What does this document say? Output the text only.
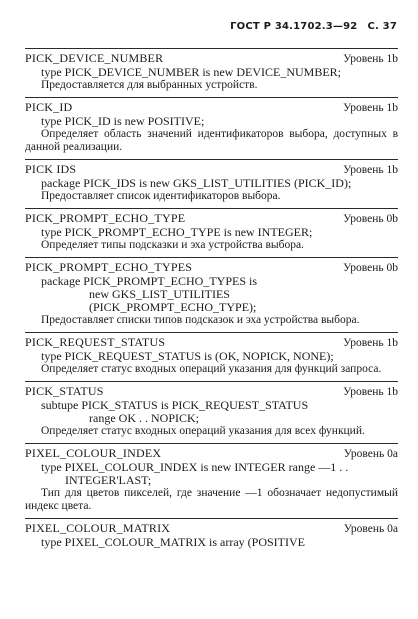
ГОСТ Р 34.1702.3—92 С. 37
PICK_DEVICE_NUMBER	Уровень 1b
type PICK_DEVICE_NUMBER is new DEVICE_NUMBER;
Предоставляется для выбранных устройств.
PICK_ID	Уровень 1b
type PICK_ID is new POSITIVE;
Определяет область значений идентификаторов выбора, доступных в данной реализации.
PICK IDS	Уровень 1b
package PICK_IDS is new GKS_LIST_UTILITIES (PICK_ID);
Предоставляет список идентификаторов выбора.
PICK_PROMPT_ECHO_TYPE	Уровень 0b
type PICK_PROMPT_ECHO_TYPE is new INTEGER;
Определяет типы подсказки и эха устройства выбора.
PICK_PROMPT_ECHO_TYPES	Уровень 0b
package PICK_PROMPT_ECHO_TYPES is
new GKS_LIST_UTILITIES
(PICK_PROMPT_ECHO_TYPE);
Предоставляет списки типов подсказок и эха устройства выбора.
PICK_REQUEST_STATUS	Уровень 1b
type PICK_REQUEST_STATUS is (OK, NOPICK, NONE);
Определяет статус входных операций указания для функций запроса.
PICK_STATUS	Уровень 1b
subtupe PICK_STATUS is PICK_REQUEST_STATUS
range OK . . NOPICK;
Определяет статус входных операций указания для всех функций.
PIXEL_COLOUR_INDEX	Уровень 0a
type PIXEL_COLOUR_INDEX is new INTEGER range —1 . .
INTEGER'LAST;
Тип для цветов пикселей, где значение —1 обозначает недопустимый индекс цвета.
PIXEL_COLOUR_MATRIX	Уровень 0a
type PIXEL_COLOUR_MATRIX is array (POSITIVE
